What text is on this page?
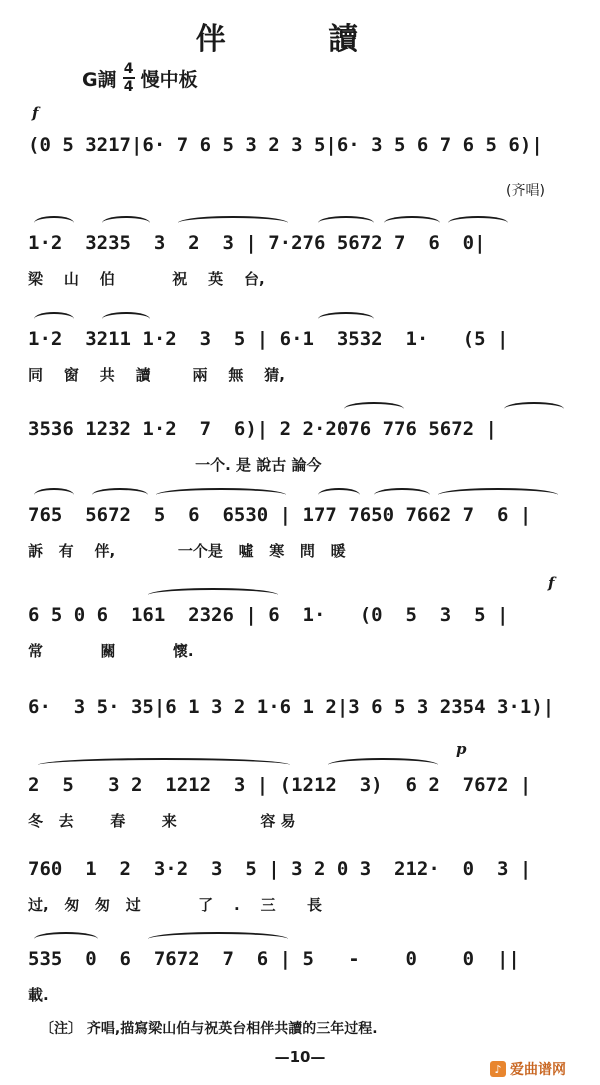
伴 讀
G調 4
4 慢中板
f
f
p
(齐唱)
(0 5 3217|6· 7 6 5 3 2 3 5|6· 3 5 6 7 6 5 6)|
1·2  3235  3  2  3 | 7·276 5672 7  6  0|
梁    山    伯           祝    英    台,
1·2  3211 1·2  3  5 | 6·1  3532  1·   (5 |
同    窗    共    讀        兩    無    猜,
3536 1232 1·2  7  6)| 2 2·2076 776 5672 |
一个. 是 說古 論今
765  5672  5  6  6530 | 177 7650 7662 7  6 |
訴   有    伴,            一个是   噓   寒   問   暖
6 5 0 6  161  2326 | 6  1·   (0  5  3  5 |
常           關           懷.
6·  3 5· 35|6 1 3 2 1·6 1 2|3 6 5 3 2354 3·1)|
2  5   3 2  1212  3 | (1212  3)  6 2  7672 |
冬   去       春       来                容 易
760  1  2  3·2  3  5 | 3 2 0 3  212·  0  3 |
过,   匆   匆   过           了    .    三      長
535  0  6  7672  7  6 | 5   -    0    0  ||
載.
〔注〕 齐唱,描寫梁山伯与祝英台相伴共讀的三年过程.
—10—
♪ 爱曲谱网
